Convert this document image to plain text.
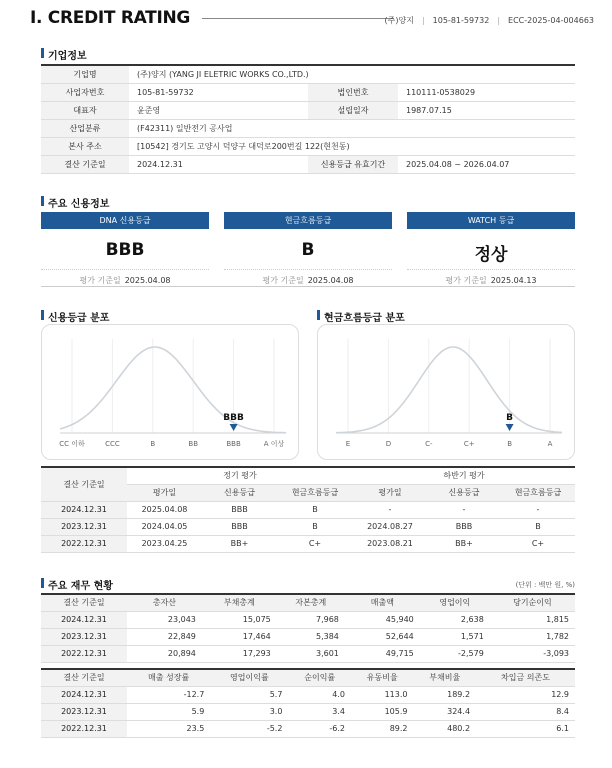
Ⅰ. CREDIT RATING	(주)양지 | 105-81-59732 | ECC-2025-04-004663
기업정보
기업명	(주)양지 (YANG JI ELETRIC WORKS CO.,LTD.)		
사업자번호	105-81-59732	법인번호	110111-0538029
대표자	윤준영	설립일자	1987.07.15
산업분류	(F42311) 일반전기 공사업		
본사 주소	[10542] 경기도 고양시 덕양구 대덕로200번길 122(현천동)		
결산 기준일	2024.12.31	신용등급 유효기간	2025.04.08 ~ 2026.04.07
주요 신용정보
DNA 신용등급
BBB
평가 기준일 2025.04.08
현금흐름등급
B
평가 기준일 2025.04.08
WATCH 등급
정상
평가 기준일 2025.04.13
신용등급 분포	현금흐름등급 분포
CC 이하	CCC	B	BB	BBB	A 이상
BBB
E	D	C-	C+	B	A
B
결산 기준일	정기 평가			하반기 평가		
	평가일	신용등급	현금흐름등급	평가일	신용등급	현금흐름등급
2024.12.31	2025.04.08	BBB	B	-	-	-
2023.12.31	2024.04.05	BBB	B	2024.08.27	BBB	B
2022.12.31	2023.04.25	BB+	C+	2023.08.21	BB+	C+
주요 재무 현황	(단위 : 백만 원, %)
결산 기준일	총자산	부채총계	자본총계	매출액	영업이익	당기순이익
2024.12.31	23,043	15,075	7,968	45,940	2,638	1,815
2023.12.31	22,849	17,464	5,384	52,644	1,571	1,782
2022.12.31	20,894	17,293	3,601	49,715	-2,579	-3,093
결산 기준일	매출 성장률	영업이익률	순이익률	유동비율	부채비율	차입금 의존도
2024.12.31	-12.7	5.7	4.0	113.0	189.2	12.9
2023.12.31	5.9	3.0	3.4	105.9	324.4	8.4
2022.12.31	23.5	-5.2	-6.2	89.2	480.2	6.1
